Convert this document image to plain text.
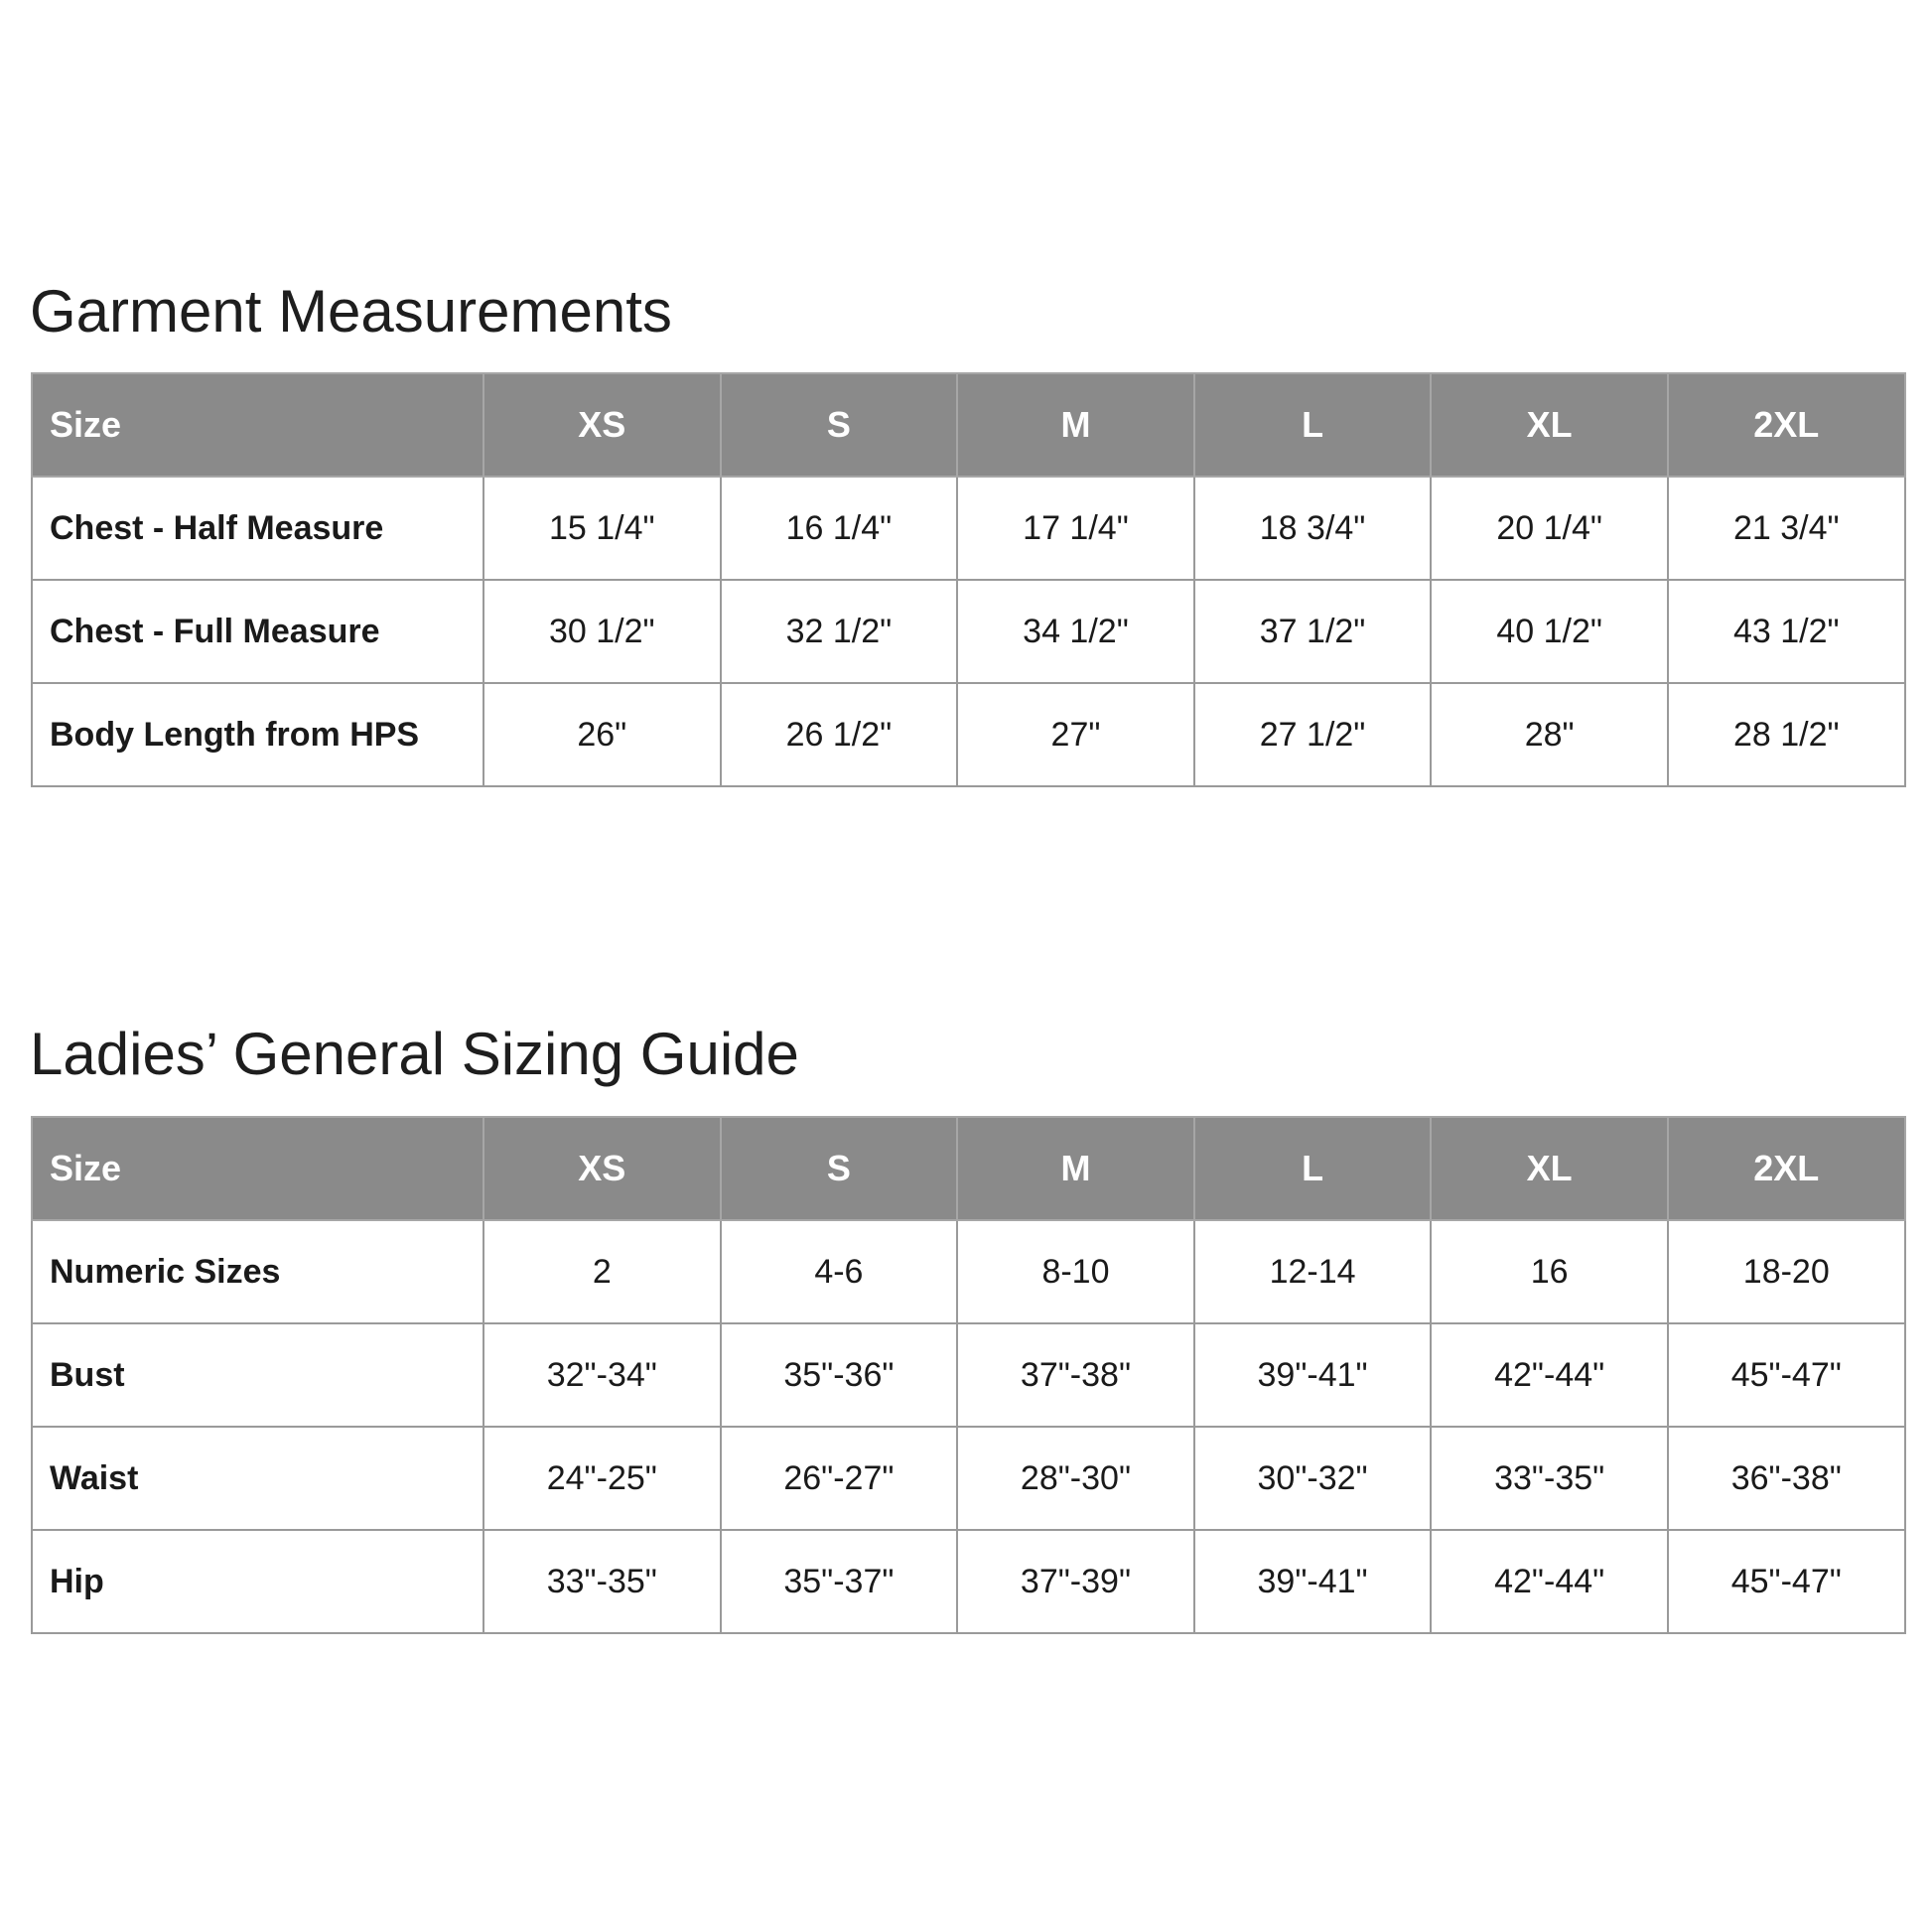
Garment Measurements
Size	XS	S	M	L	XL	2XL
Chest - Half Measure	15 1/4"	16 1/4"	17 1/4"	18 3/4"	20 1/4"	21 3/4"
Chest - Full Measure	30 1/2"	32 1/2"	34 1/2"	37 1/2"	40 1/2"	43 1/2"
Body Length from HPS	26"	26 1/2"	27"	27 1/2"	28"	28 1/2"
Ladies’ General Sizing Guide
Size	XS	S	M	L	XL	2XL
Numeric Sizes	2	4-6	8-10	12-14	16	18-20
Bust	32"-34"	35"-36"	37"-38"	39"-41"	42"-44"	45"-47"
Waist	24"-25"	26"-27"	28"-30"	30"-32"	33"-35"	36"-38"
Hip	33"-35"	35"-37"	37"-39"	39"-41"	42"-44"	45"-47"
